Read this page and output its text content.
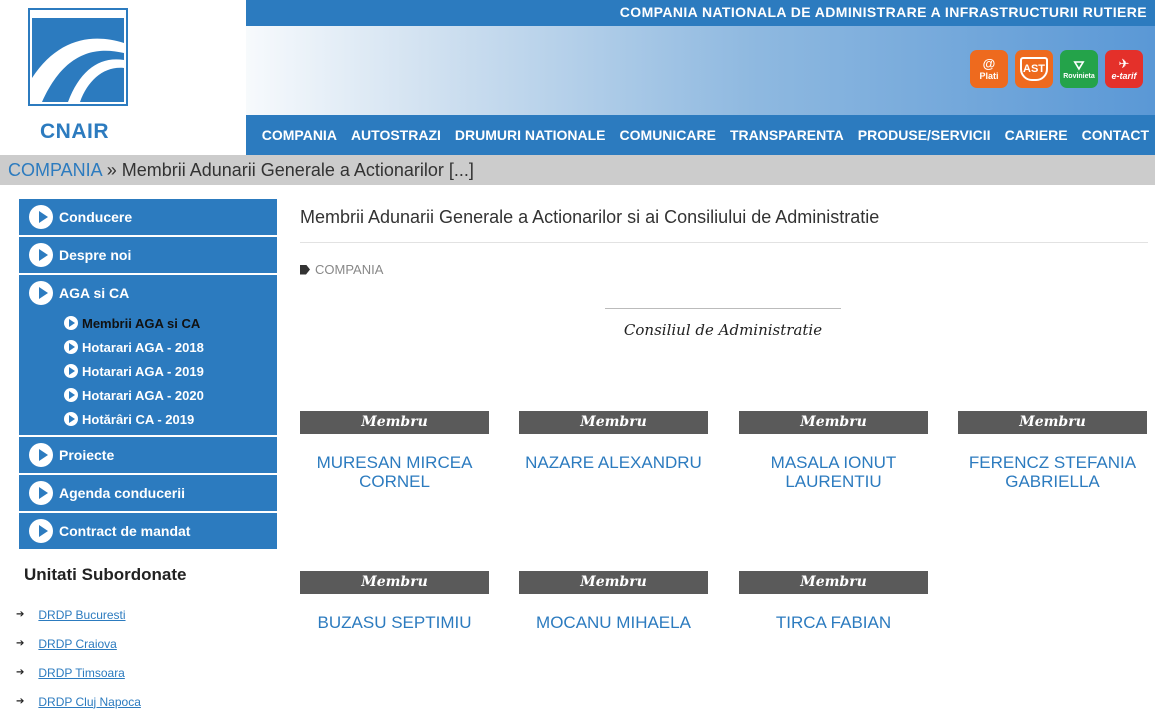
COMPANIA NATIONALA DE ADMINISTRARE A INFRASTRUCTURII RUTIERE
CNAIR
@
Plati
AST ⛛
Rovinieta
✈
e-tarif
COMPANIA AUTOSTRAZI DRUMURI NATIONALE COMUNICARE TRANSPARENTA PRODUSE/SERVICII CARIERE CONTACT
COMPANIA » Membrii Adunarii Generale a Actionarilor [...]
Conducere
Despre noi
AGA si CA
Membrii AGA si CA
Hotarari AGA - 2018
Hotarari AGA - 2019
Hotarari AGA - 2020
Hotărâri CA - 2019
Proiecte
Agenda conducerii
Contract de mandat
Unitati Subordonate
➔ DRDP Bucuresti
➔ DRDP Craiova
➔ DRDP Timsoara
➔ DRDP Cluj Napoca
Membrii Adunarii Generale a Actionarilor si ai Consiliului de Administratie
COMPANIA
Consiliul de Administratie
Membru
MURESAN MIRCEA CORNEL
Membru
NAZARE ALEXANDRU
Membru
MASALA IONUT LAURENTIU
Membru
FERENCZ STEFANIA GABRIELLA
Membru
BUZASU SEPTIMIU
Membru
MOCANU MIHAELA
Membru
TIRCA FABIAN
